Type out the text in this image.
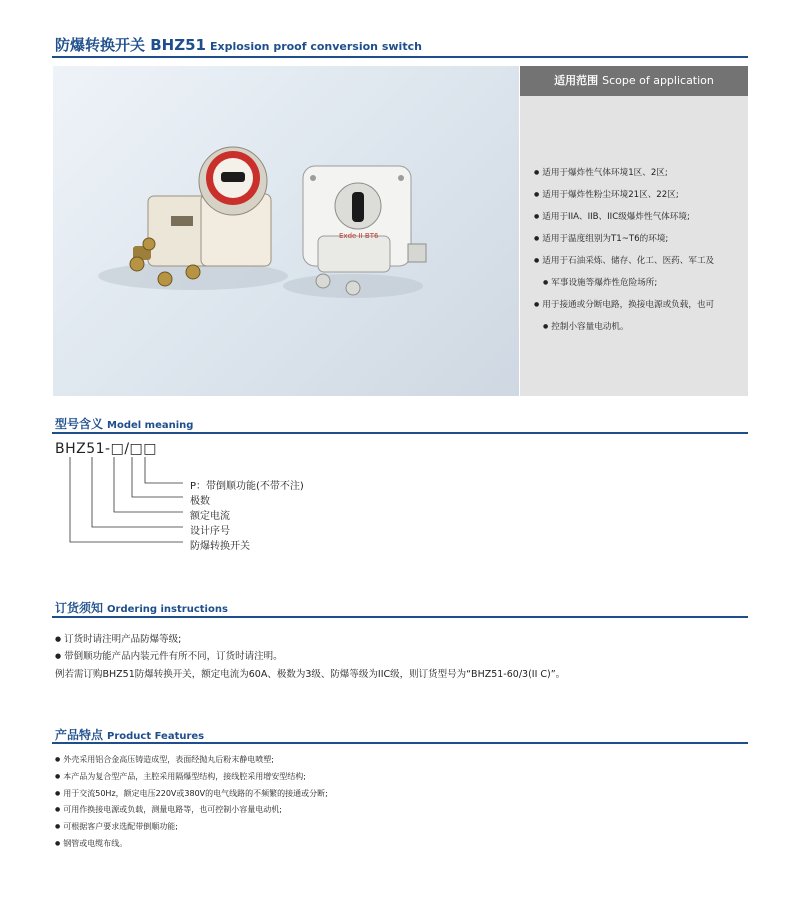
防爆转换开关 BHZ51 Explosion proof conversion switch
Exde II BT6
适用范围 Scope of application
● 适用于爆炸性气体环境1区、2区;
● 适用于爆炸性粉尘环境21区、22区;
● 适用于IIA、IIB、IIC级爆炸性气体环境;
● 适用于温度组别为T1~T6的环境;
● 适用于石油采炼、储存、化工、医药、军工及
● 军事设施等爆炸性危险场所;
● 用于接通或分断电路，换接电源或负载，也可
● 控制小容量电动机。
型号含义 Model meaning
BHZ51-□/□□
P：带倒顺功能(不带不注)
极数
额定电流
设计序号
防爆转换开关
订货须知 Ordering instructions
● 订货时请注明产品防爆等级;
● 带倒顺功能产品内装元件有所不同，订货时请注明。
例若需订购BHZ51防爆转换开关，额定电流为60A、极数为3级、防爆等级为IIC级，则订货型号为“BHZ51-60/3(II C)”。
产品特点 Product Features
● 外壳采用铝合金高压铸造成型，表面经抛丸后粉末静电喷塑;
● 本产品为复合型产品，主腔采用隔爆型结构，接线腔采用增安型结构;
● 用于交流50Hz，额定电压220V或380V的电气线路的不频繁的接通或分断;
● 可用作换接电源或负载，测量电路等，也可控制小容量电动机;
● 可根据客户要求选配带倒顺功能;
● 钢管或电缆布线。
